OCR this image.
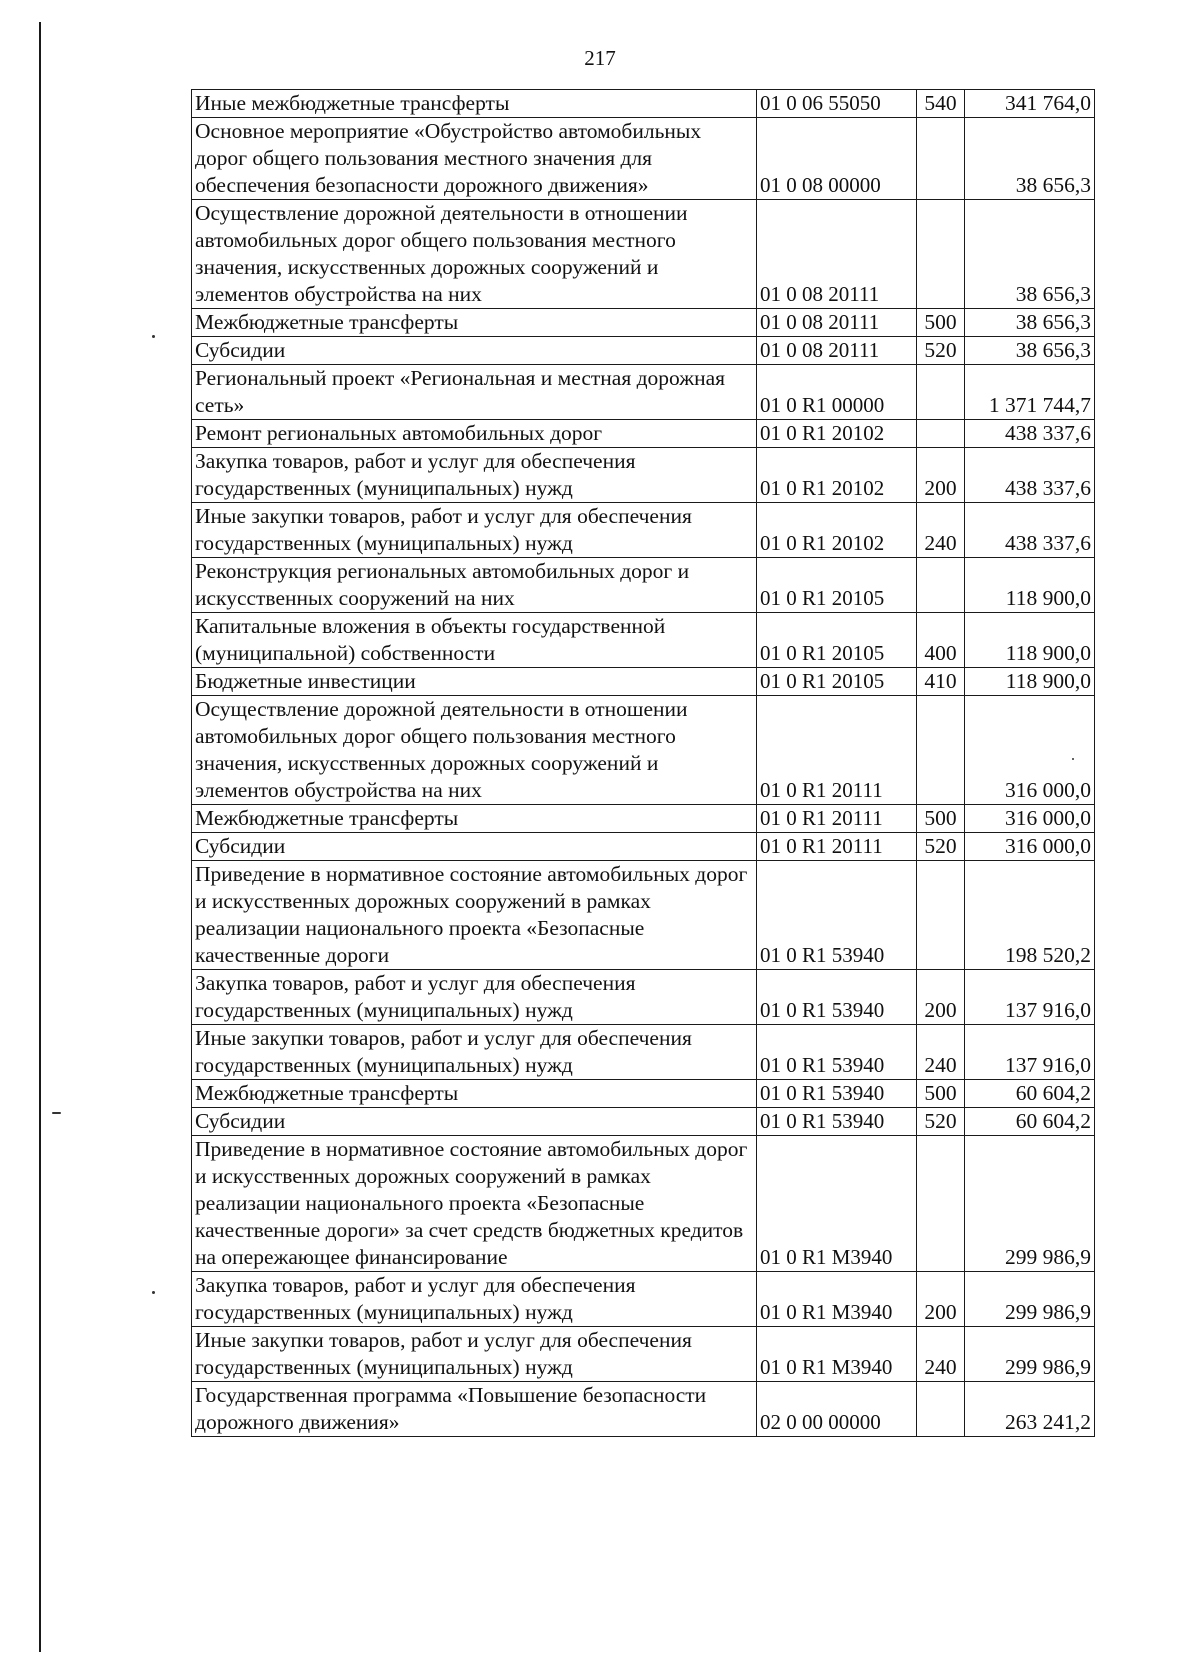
217
Иные межбюджетные трансферты	01 0 06 55050	540	341 764,0
Основное мероприятие «Обустройство автомобильных дорог общего пользования местного значения для обеспечения безопасности дорожного движения»	01 0 08 00000		38 656,3
Осуществление дорожной деятельности в отношении автомобильных дорог общего пользования местного значения, искусственных дорожных сооружений и элементов обустройства на них	01 0 08 20111		38 656,3
Межбюджетные трансферты	01 0 08 20111	500	38 656,3
Субсидии	01 0 08 20111	520	38 656,3
Региональный проект «Региональная и местная дорожная сеть»	01 0 R1 00000		1 371 744,7
Ремонт региональных автомобильных дорог	01 0 R1 20102		438 337,6
Закупка товаров, работ и услуг для обеспечения государственных (муниципальных) нужд	01 0 R1 20102	200	438 337,6
Иные закупки товаров, работ и услуг для обеспечения государственных (муниципальных) нужд	01 0 R1 20102	240	438 337,6
Реконструкция региональных автомобильных дорог и искусственных сооружений на них	01 0 R1 20105		118 900,0
Капитальные вложения в объекты государственной (муниципальной) собственности	01 0 R1 20105	400	118 900,0
Бюджетные инвестиции	01 0 R1 20105	410	118 900,0
Осуществление дорожной деятельности в отношении автомобильных дорог общего пользования местного значения, искусственных дорожных сооружений и элементов обустройства на них	01 0 R1 20111		316 000,0
Межбюджетные трансферты	01 0 R1 20111	500	316 000,0
Субсидии	01 0 R1 20111	520	316 000,0
Приведение в нормативное состояние автомобильных дорог и искусственных дорожных сооружений в рамках реализации национального проекта «Безопасные качественные дороги	01 0 R1 53940		198 520,2
Закупка товаров, работ и услуг для обеспечения государственных (муниципальных) нужд	01 0 R1 53940	200	137 916,0
Иные закупки товаров, работ и услуг для обеспечения государственных (муниципальных) нужд	01 0 R1 53940	240	137 916,0
Межбюджетные трансферты	01 0 R1 53940	500	60 604,2
Субсидии	01 0 R1 53940	520	60 604,2
Приведение в нормативное состояние автомобильных дорог и искусственных дорожных сооружений в рамках реализации национального проекта «Безопасные качественные дороги» за счет средств бюджетных кредитов на опережающее финансирование	01 0 R1 M3940		299 986,9
Закупка товаров, работ и услуг для обеспечения государственных (муниципальных) нужд	01 0 R1 M3940	200	299 986,9
Иные закупки товаров, работ и услуг для обеспечения государственных (муниципальных) нужд	01 0 R1 M3940	240	299 986,9
Государственная программа «Повышение безопасности дорожного движения»	02 0 00 00000		263 241,2
